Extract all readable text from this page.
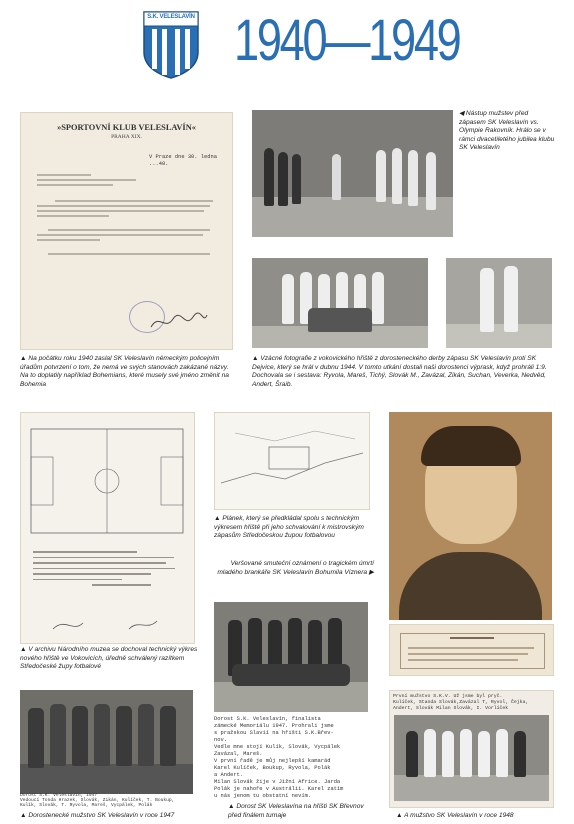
S.K. VELESLAVÍN 1940—1949
»SPORTOVNÍ KLUB VELESLAVÍN«
PRAHA XIX.
V Praze dne 30. ledna ...40.
◀ Nástup mužstev před zápasem SK Veleslavín vs. Olympie Rakovník. Hrálo se v rámci dvacetiletého jubilea klubu SK Veleslavín
▲ Na počátku roku 1940 zaslal SK Veleslavín německým policejním úřadům potvrzení o tom, že nemá ve svých stanovách zakázané názvy. Na to doplatily například Bohemians, které musely své jméno změnit na Bohemia
▲ Vzácné fotografie z vokovického hřiště z dorosteneckého derby zápasu SK Veleslavín proti SK Dejvice, který se hrál v dubnu 1944. V tomto utkání dostali naši dorostenci výprask, když prohráli 1:9. Dochovala se i sestava: Ryvola, Mareš, Tichý, Slovák M., Zavázal, Zikán, Suchan, Veverka, Nedvěd, Andert, Šraib.
▲ Plánek, který se předkládal spolu s technickým výkresem hřiště při jeho schvalování k mistrovským zápasům Středočeskou župou fotbalovou
Veršované smuteční oznámení o tragickém úmrtí mladého brankáře SK Veleslavín Bohumila Víznera ▶
▲ V archivu Národního muzea se dochoval technický výkres nového hřiště ve Vokovicích, úředně schválený razítkem Středočeské župy fotbalové
Dorost S.K. Veleslavín, finalista
zámecké Memoriálu 1947. Prohrali jsme
s pražskou Slavií na hřišti S.K.Břev-
nov.
Vedle mne stojí Kulík, Slovák, Vycpálek
Zavázal, Mareš.
V první řadě je můj nejlepší kamarád
Karel Kulíček, Boukup, Ryvola, Polák
a Andert.
Milan Slovák žije v Jižní Africe. Jarda
Polák je nahoře v Austrálii. Karel zatím
u nás jenom tu obstatní nevím.
Dorost S.K. Veleslavín, 1947
Vedoucí Tonda Hrazek, Slovák, Zikán, Kulíček, T. Boukup,
Kulík, Slovák, T. Ryvola, Mareš, Vycpálek, Polák
▲ Dorostenecké mužstvo SK Veleslavín v roce 1947
První mužstvo S.K.V. Už jsme byl pryč.
Kulíček, Standa Slovák,Zavázal T, Ryvol, Čejka,
Andert, Slovák Milan Slovák, I. Vorlíček
▲ A mužstvo SK Veleslavín v roce 1948
▲ Dorost SK Veleslavína na hřišti SK Břevnov před finálem turnaje
